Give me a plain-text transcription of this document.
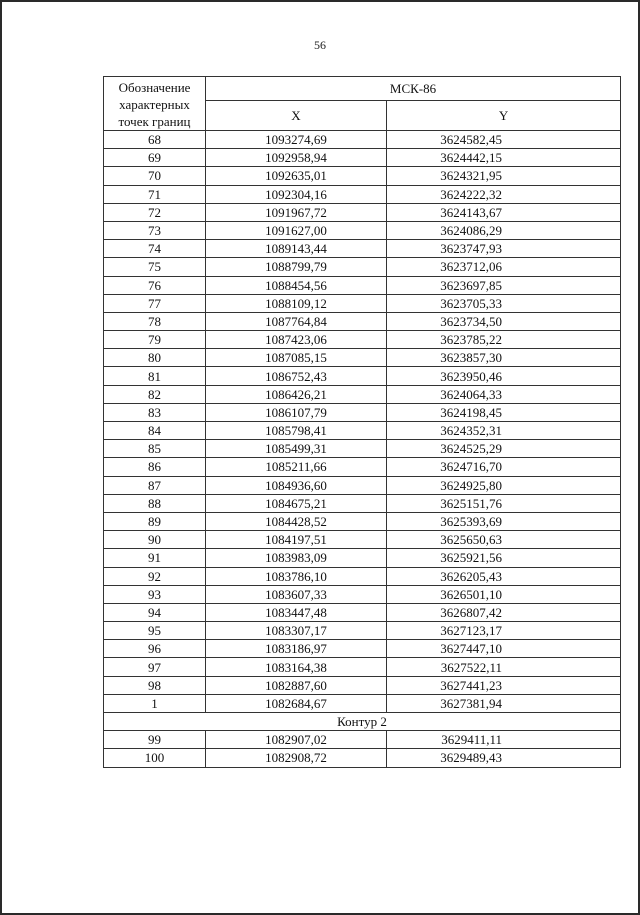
56
Обозначение
характерных
точек границ	МСК-86	
	X	Y
68	1093274,69	3624582,45
69	1092958,94	3624442,15
70	1092635,01	3624321,95
71	1092304,16	3624222,32
72	1091967,72	3624143,67
73	1091627,00	3624086,29
74	1089143,44	3623747,93
75	1088799,79	3623712,06
76	1088454,56	3623697,85
77	1088109,12	3623705,33
78	1087764,84	3623734,50
79	1087423,06	3623785,22
80	1087085,15	3623857,30
81	1086752,43	3623950,46
82	1086426,21	3624064,33
83	1086107,79	3624198,45
84	1085798,41	3624352,31
85	1085499,31	3624525,29
86	1085211,66	3624716,70
87	1084936,60	3624925,80
88	1084675,21	3625151,76
89	1084428,52	3625393,69
90	1084197,51	3625650,63
91	1083983,09	3625921,56
92	1083786,10	3626205,43
93	1083607,33	3626501,10
94	1083447,48	3626807,42
95	1083307,17	3627123,17
96	1083186,97	3627447,10
97	1083164,38	3627522,11
98	1082887,60	3627441,23
1	1082684,67	3627381,94
Контур 2		
99	1082907,02	3629411,11
100	1082908,72	3629489,43
